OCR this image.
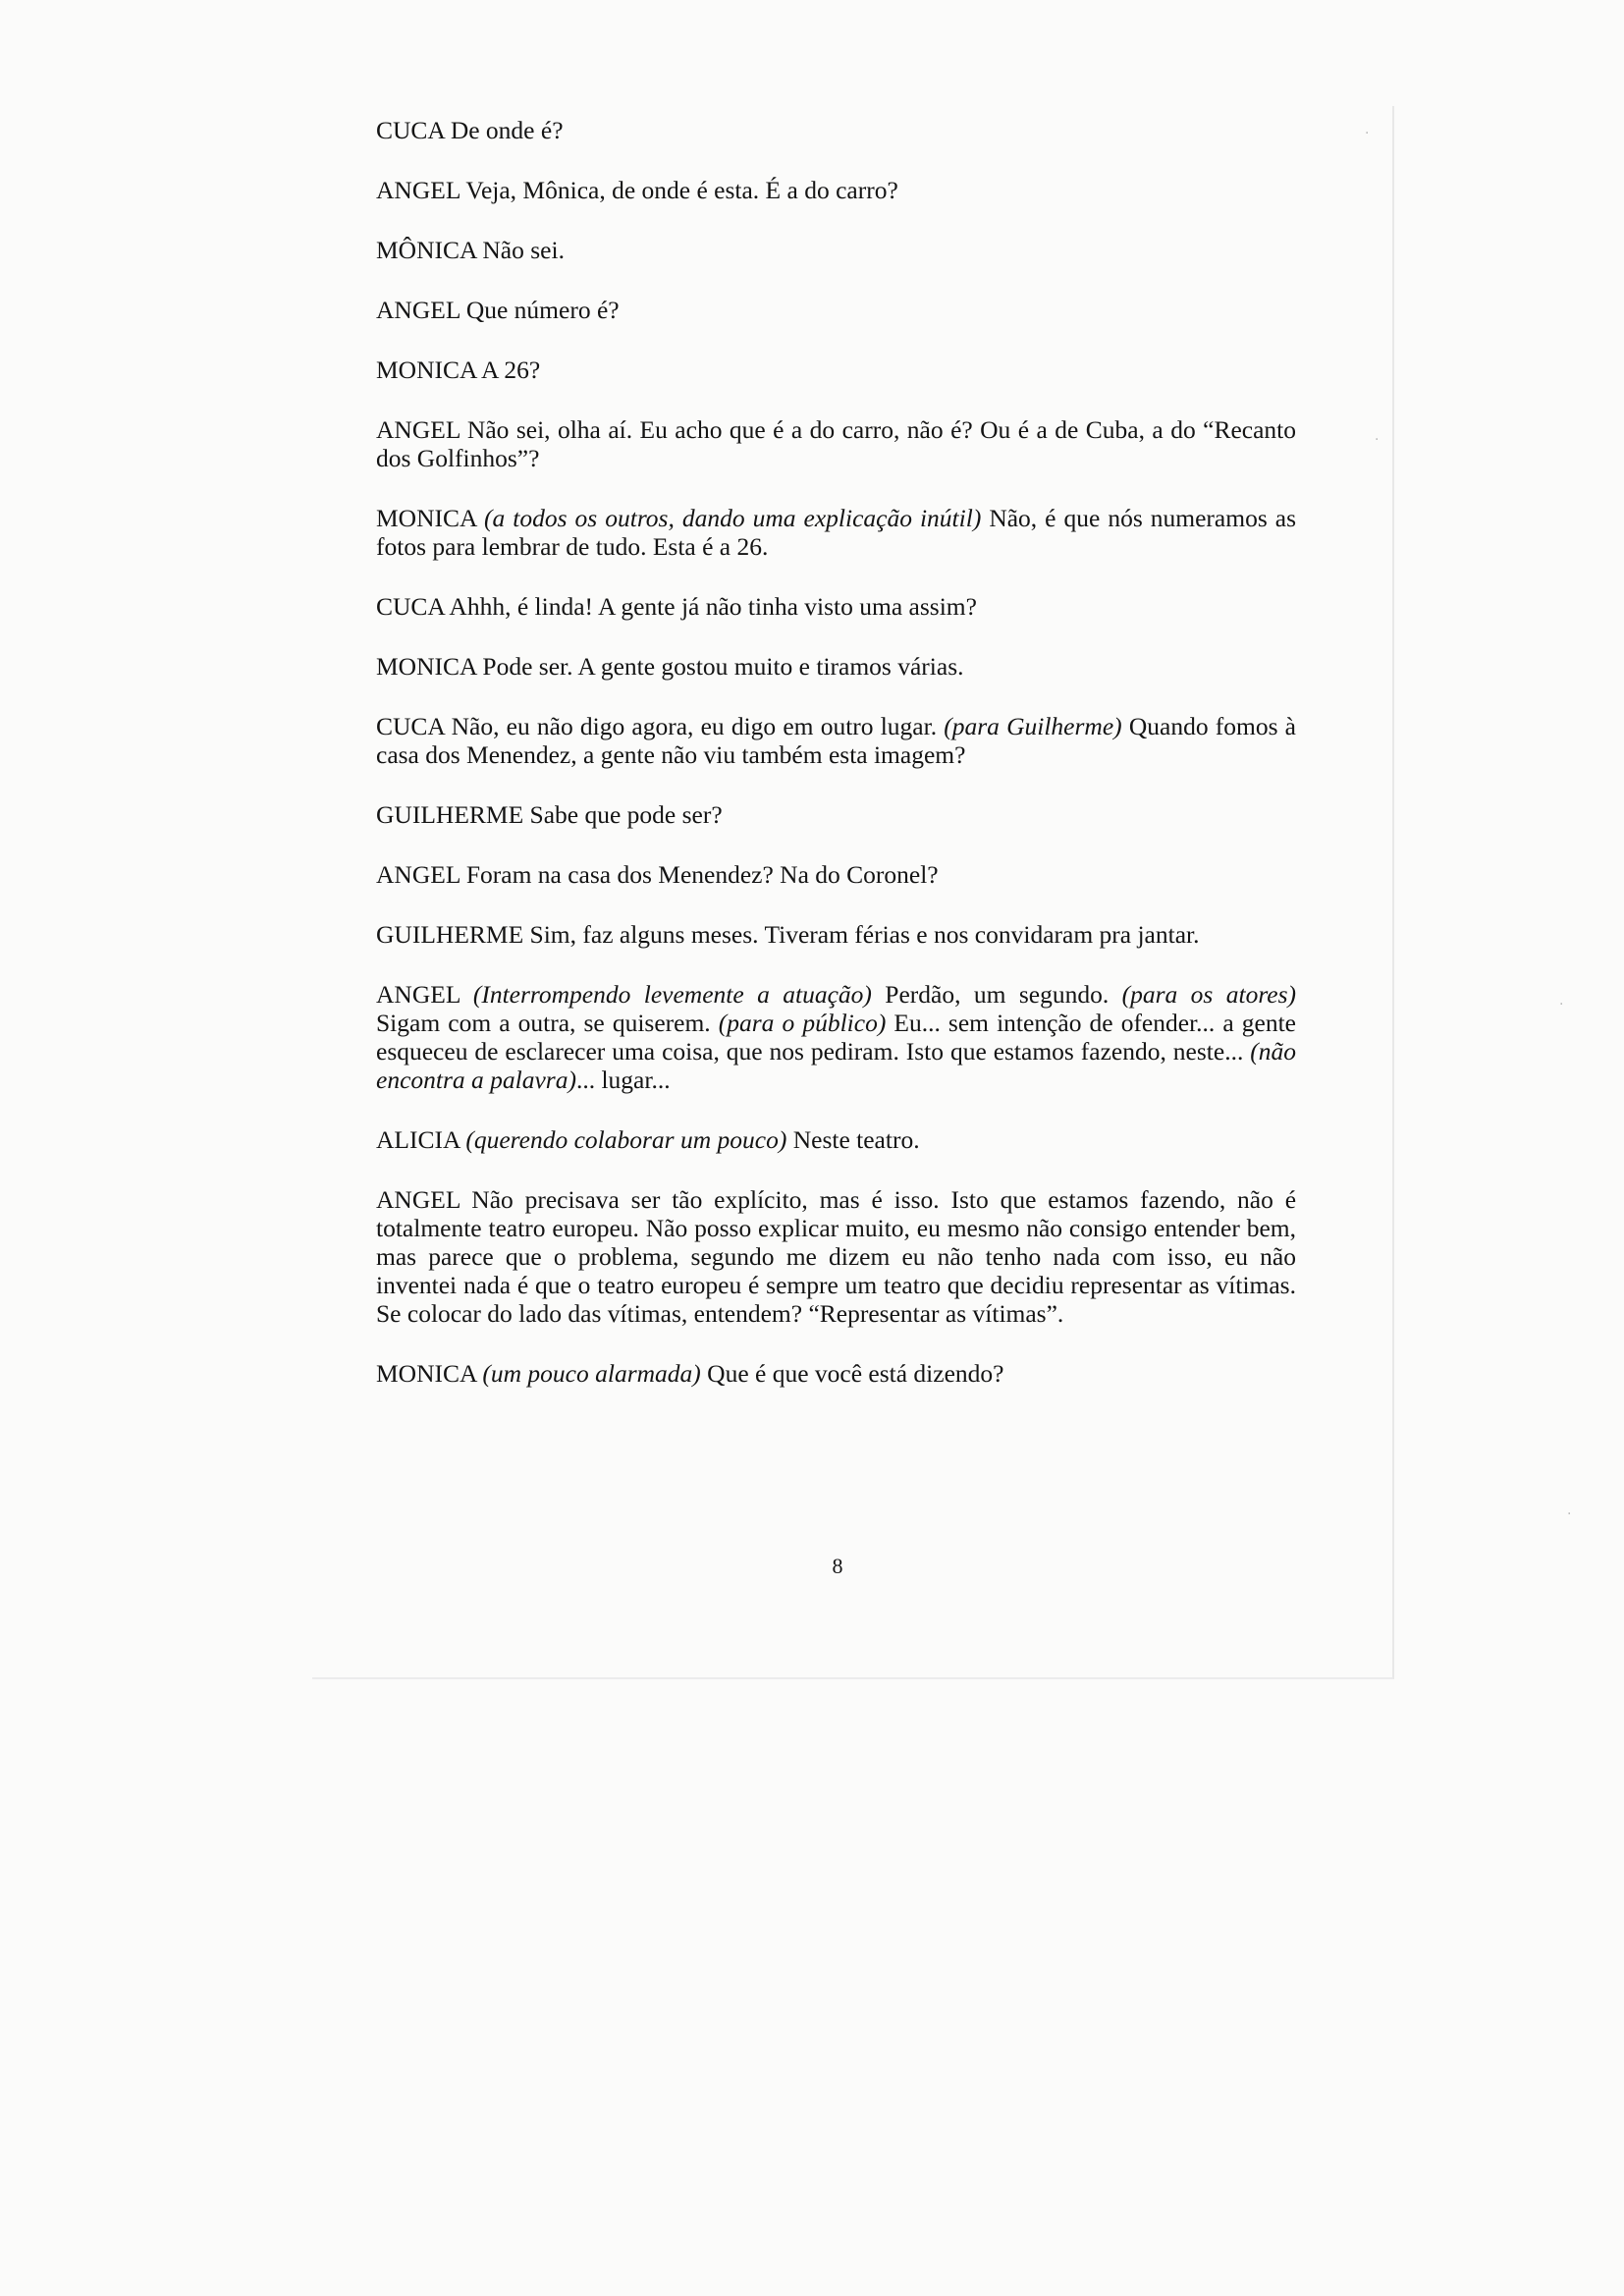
CUCA De onde é?

ANGEL Veja, Mônica, de onde é esta. É a do carro?

MÔNICA Não sei.

ANGEL Que número é?

MONICA A 26?

ANGEL Não sei, olha aí. Eu acho que é a do carro, não é? Ou é a de Cuba, a do “Recanto dos Golfinhos”?

MONICA (a todos os outros, dando uma explicação inútil) Não, é que nós numeramos as fotos para lembrar de tudo. Esta é a 26.

CUCA Ahhh, é linda! A gente já não tinha visto uma assim?

MONICA Pode ser. A gente gostou muito e tiramos várias.

CUCA Não, eu não digo agora, eu digo em outro lugar. (para Guilherme) Quando fomos à casa dos Menendez, a gente não viu também esta imagem?

GUILHERME Sabe que pode ser?

ANGEL Foram na casa dos Menendez? Na do Coronel?

GUILHERME Sim, faz alguns meses. Tiveram férias e nos convidaram pra jantar.

ANGEL (Interrompendo levemente a atuação) Perdão, um segundo. (para os atores) Sigam com a outra, se quiserem. (para o público) Eu... sem intenção de ofender... a gente esqueceu de esclarecer uma coisa, que nos pediram. Isto que estamos fazendo, neste... (não encontra a palavra)... lugar...

ALICIA (querendo colaborar um pouco) Neste teatro.

ANGEL Não precisava ser tão explícito, mas é isso. Isto que estamos fazendo, não é totalmente teatro europeu. Não posso explicar muito, eu mesmo não consigo entender bem, mas parece que o problema, segundo me dizem eu não tenho nada com isso, eu não inventei nada é que o teatro europeu é sempre um teatro que decidiu representar as vítimas. Se colocar do lado das vítimas, entendem? “Representar as vítimas”.

MONICA (um pouco alarmada) Que é que você está dizendo?

8
·
·
·
·
